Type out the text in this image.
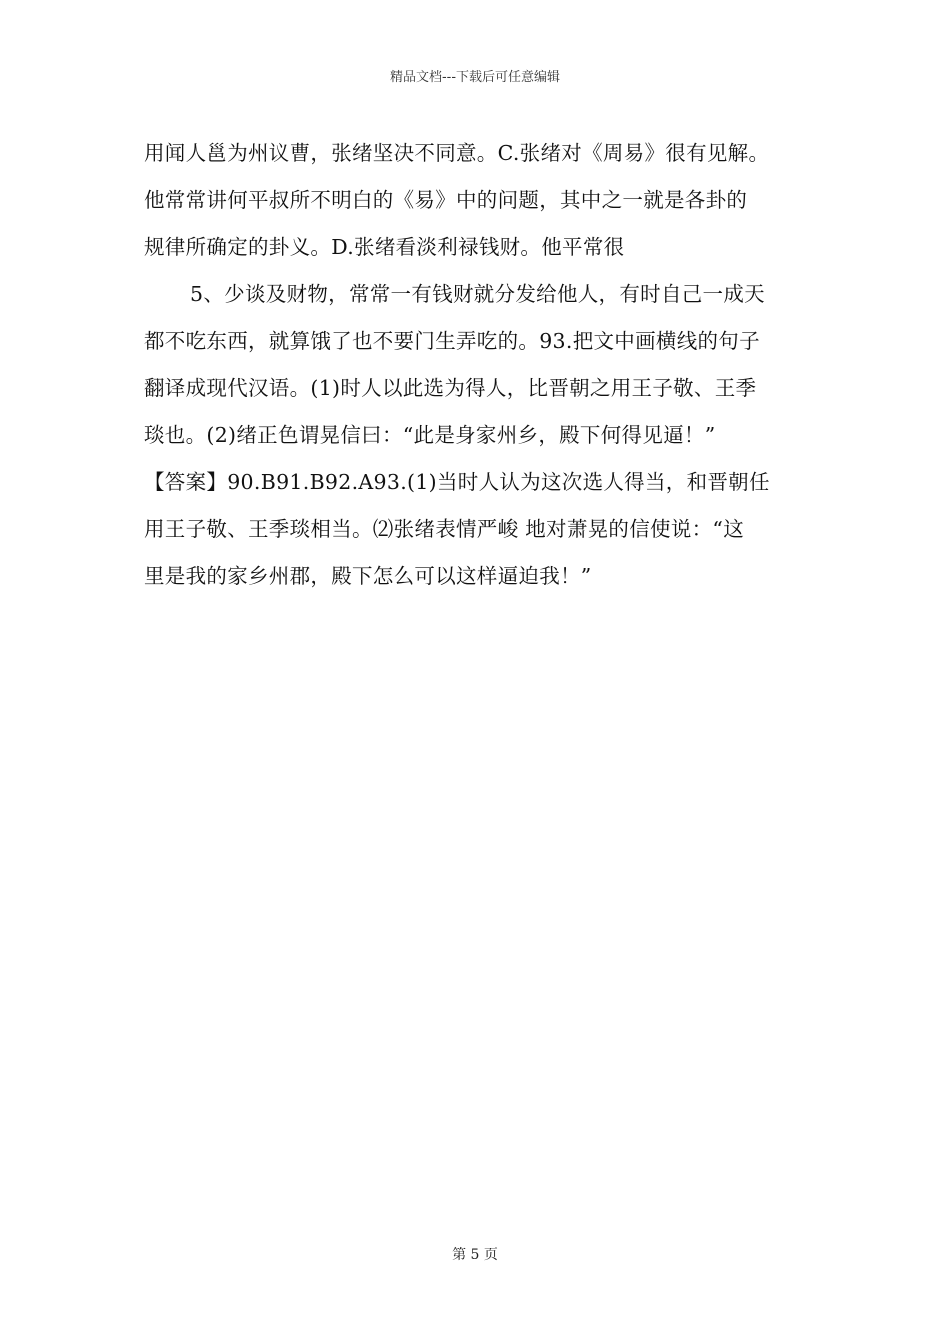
精品文档---下载后可任意编辑
用闻人邕为州议曹，张绪坚决不同意。C.张绪对《周易》很有见解。
他常常讲何平叔所不明白的《易》中的问题，其中之一就是各卦的
规律所确定的卦义。D.张绪看淡利禄钱财。他平常很
5、少谈及财物，常常一有钱财就分发给他人，有时自己一成天
都不吃东西，就算饿了也不要门生弄吃的。93.把文中画横线的句子
翻译成现代汉语。(1)时人以此选为得人，比晋朝之用王子敬、王季
琰也。(2)绪正色谓晃信曰：“此是身家州乡，殿下何得见逼！”
【答案】90.B91.B92.A93.(1)当时人认为这次选人得当，和晋朝任
用王子敬、王季琰相当。⑵张绪表情严峻 地对萧晃的信使说：“这
里是我的家乡州郡，殿下怎么可以这样逼迫我！”
第 5 页
